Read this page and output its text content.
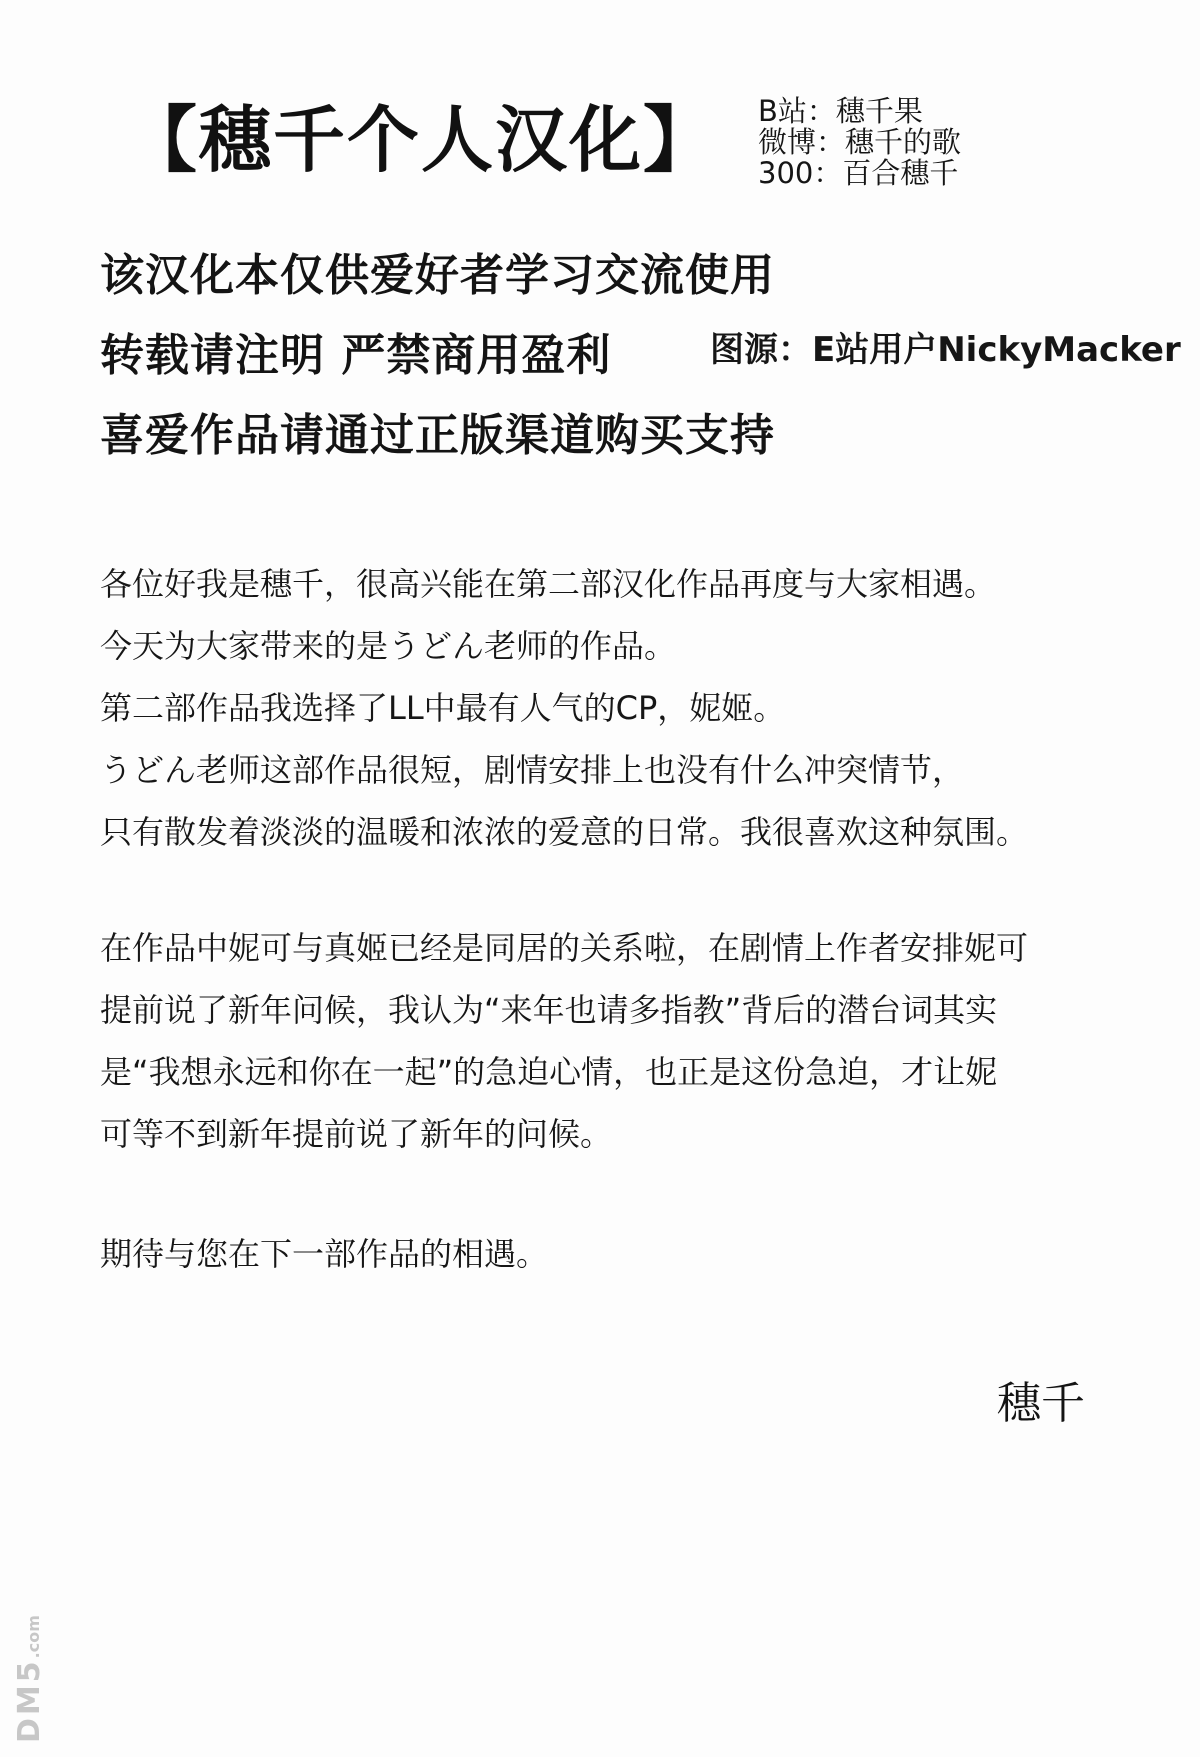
【穗千个人汉化】 B站：穗千果
微博：穗千的歌
300：百合穗千
该汉化本仅供爱好者学习交流使用
转载请注明 严禁商用盈利
喜爱作品请通过正版渠道购买支持
图源：E站用户NickyMacker
各位好我是穗千，很高兴能在第二部汉化作品再度与大家相遇。
今天为大家带来的是うどん老师的作品。
第二部作品我选择了LL中最有人气的CP，妮姬。
うどん老师这部作品很短，剧情安排上也没有什么冲突情节，
只有散发着淡淡的温暖和浓浓的爱意的日常。我很喜欢这种氛围。
在作品中妮可与真姬已经是同居的关系啦，在剧情上作者安排妮可
提前说了新年问候，我认为“来年也请多指教”背后的潜台词其实
是“我想永远和你在一起”的急迫心情，也正是这份急迫，才让妮
可等不到新年提前说了新年的问候。
期待与您在下一部作品的相遇。
穗千
DM5.com
